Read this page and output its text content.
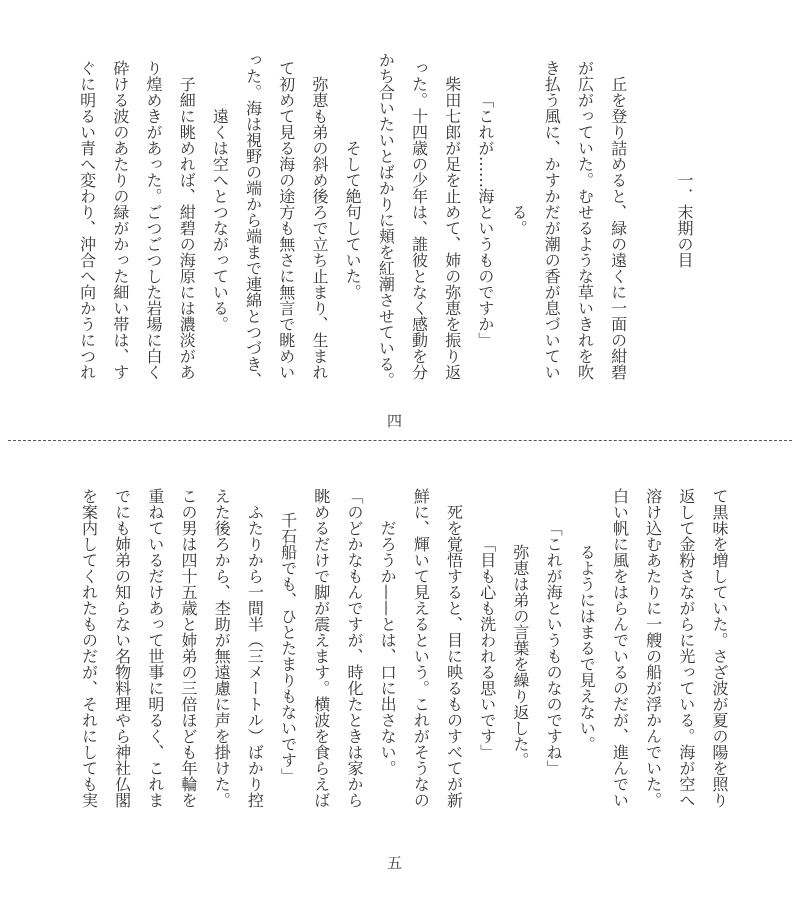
一．末期の目
　丘を登り詰めると、緑の遠くに一面の紺碧
が広がっていた。むせるような草いきれを吹
き払う風に、かすかだが潮の香が息づいてい
る。
「これが……海というものですか」
　柴田七郎が足を止めて、姉の弥恵を振り返
った。十四歳の少年は、誰彼となく感動を分
かち合いたいとばかりに頬を紅潮させている。
そして絶句していた。
　弥恵も弟の斜め後ろで立ち止まり、生まれ
て初めて見る海の途方も無さに無言で眺めい
った。海は視野の端から端まで連綿とつづき、
遠くは空へとつながっている。
　子細に眺めれば、紺碧の海原には濃淡があ
り煌めきがあった。ごつごつした岩場に白く
砕ける波のあたりの緑がかった細い帯は、す
ぐに明るい青へ変わり、沖合へ向かうにつれ
四
て黒味を増していた。さざ波が夏の陽を照り
返して金粉さながらに光っている。海が空へ
溶け込むあたりに一艘の船が浮かんでいた。
白い帆に風をはらんでいるのだが、進んでい
るようにはまるで見えない。
「これが海というものなのですね」
　弥恵は弟の言葉を繰り返した。
「目も心も洗われる思いです」
　死を覚悟すると、目に映るものすべてが新
鮮に、輝いて見えるという。これがそうなの
だろうか——とは、口に出さない。
「のどかなもんですが、時化たときは家から
眺めるだけで脚が震えます。横波を食らえば
千石船でも、ひとたまりもないです」
　ふたりから一間半（三メートル）ばかり控
えた後ろから、杢助が無遠慮に声を掛けた。
この男は四十五歳と姉弟の三倍ほども年輪を
重ねているだけあって世事に明るく、これま
でにも姉弟の知らない名物料理やら神社仏閣
を案内してくれたものだが、それにしても実
五
